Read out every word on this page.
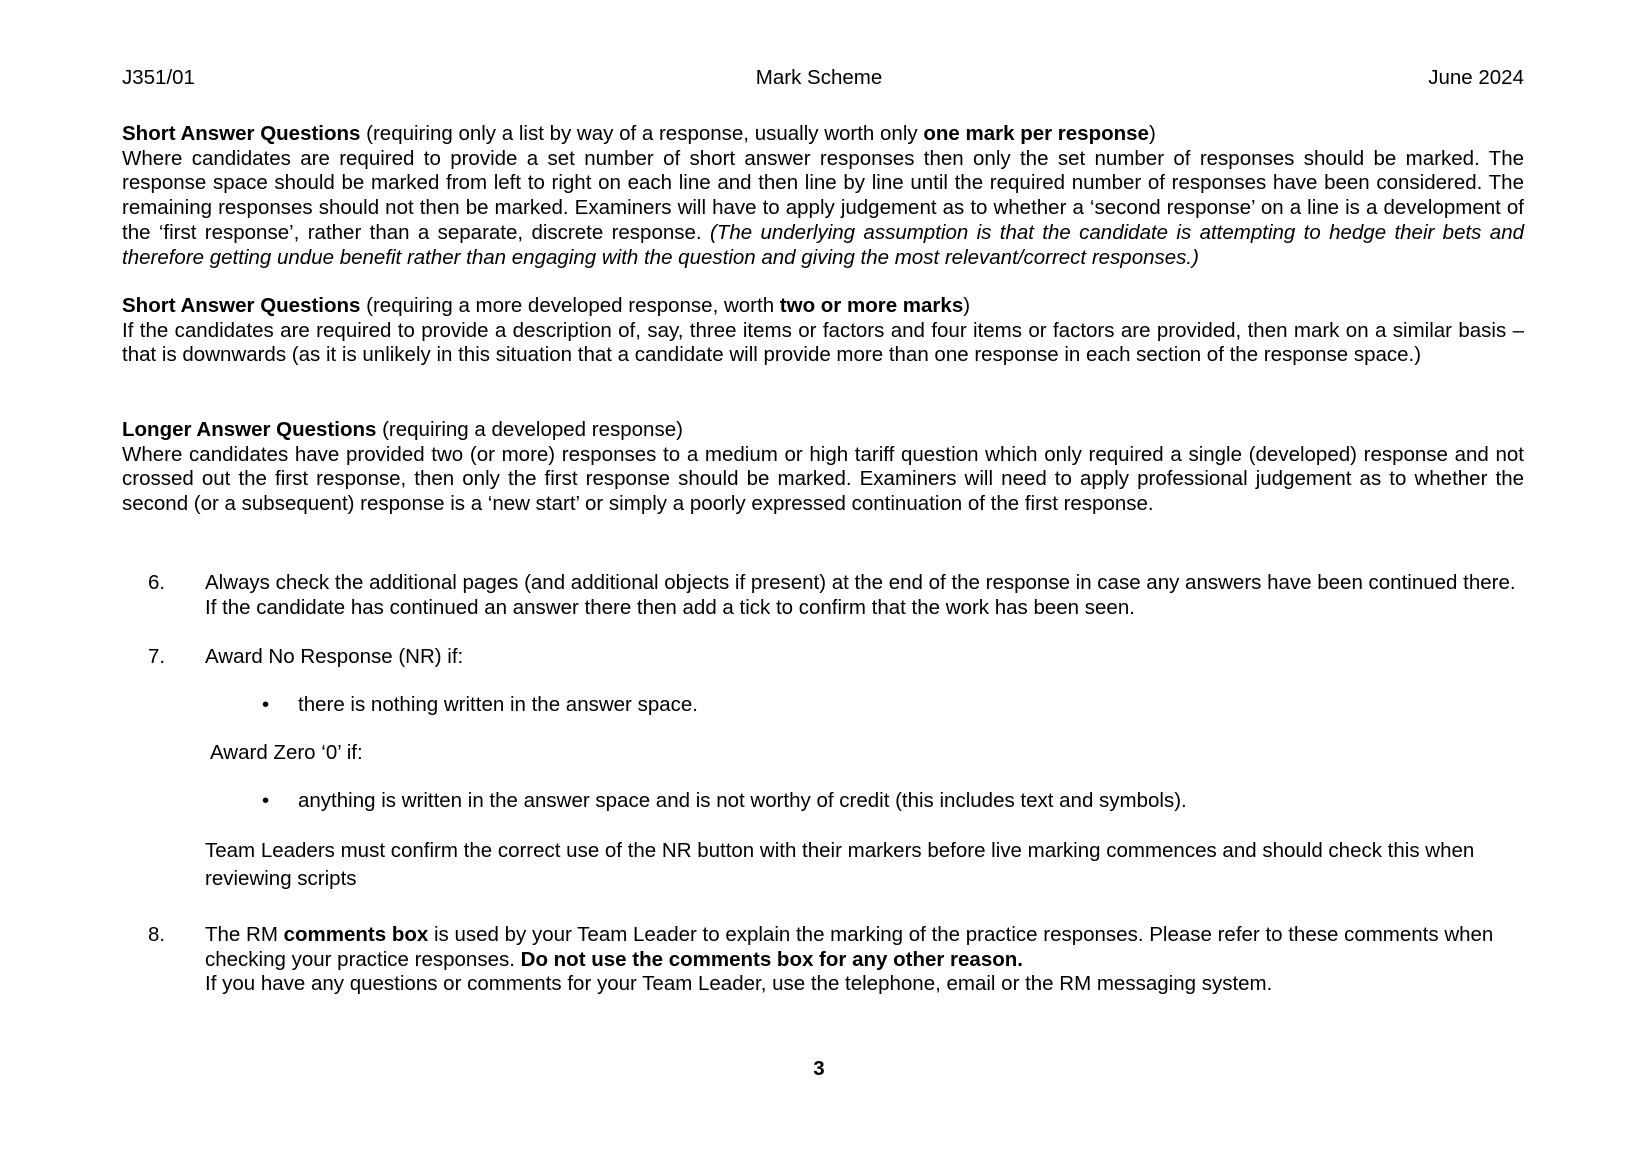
J351/01	Mark Scheme	June 2024
Short Answer Questions (requiring only a list by way of a response, usually worth only one mark per response)
Where candidates are required to provide a set number of short answer responses then only the set number of responses should be marked. The response space should be marked from left to right on each line and then line by line until the required number of responses have been considered. The remaining responses should not then be marked. Examiners will have to apply judgement as to whether a ‘second response’ on a line is a development of the ‘first response’, rather than a separate, discrete response. (The underlying assumption is that the candidate is attempting to hedge their bets and therefore getting undue benefit rather than engaging with the question and giving the most relevant/correct responses.)
Short Answer Questions (requiring a more developed response, worth two or more marks)
If the candidates are required to provide a description of, say, three items or factors and four items or factors are provided, then mark on a similar basis – that is downwards (as it is unlikely in this situation that a candidate will provide more than one response in each section of the response space.)
Longer Answer Questions (requiring a developed response)
Where candidates have provided two (or more) responses to a medium or high tariff question which only required a single (developed) response and not crossed out the first response, then only the first response should be marked. Examiners will need to apply professional judgement as to whether the second (or a subsequent) response is a ‘new start’ or simply a poorly expressed continuation of the first response.
6. Always check the additional pages (and additional objects if present) at the end of the response in case any answers have been continued there. If the candidate has continued an answer there then add a tick to confirm that the work has been seen.
7. Award No Response (NR) if:
• there is nothing written in the answer space.
Award Zero ‘0’ if:
• anything is written in the answer space and is not worthy of credit (this includes text and symbols).
Team Leaders must confirm the correct use of the NR button with their markers before live marking commences and should check this when reviewing scripts
8. The RM comments box is used by your Team Leader to explain the marking of the practice responses. Please refer to these comments when checking your practice responses. Do not use the comments box for any other reason.
If you have any questions or comments for your Team Leader, use the telephone, email or the RM messaging system.
3
